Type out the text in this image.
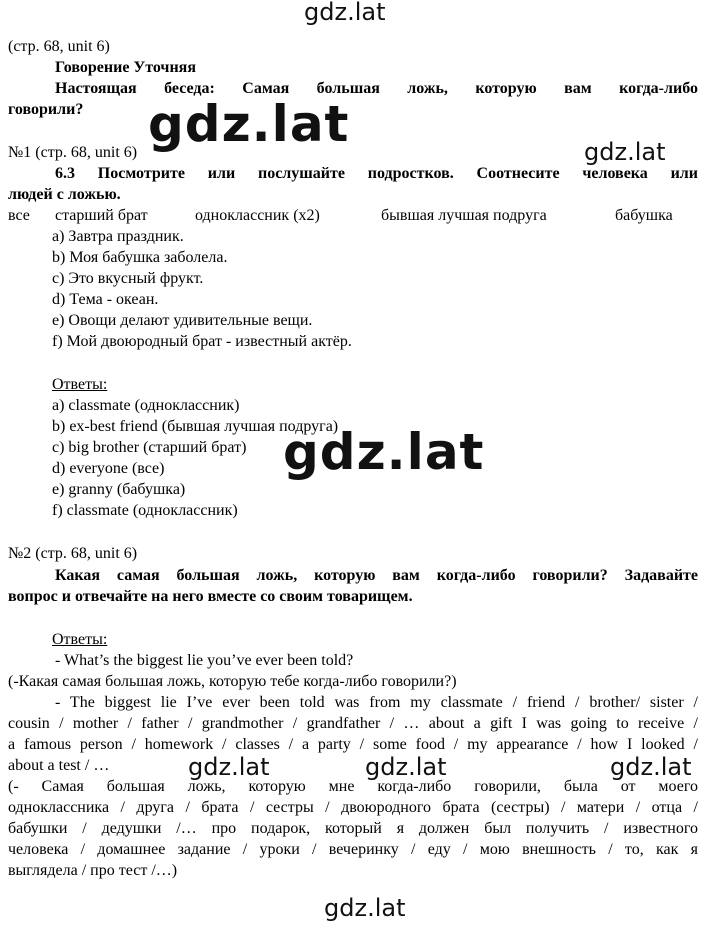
(стр. 68, unit 6)
Говорение Уточняя
Настоящая беседа: Самая большая ложь, которую вам когда-либо
говорили?
№1 (стр. 68, unit 6)
6.3 Посмотрите или послушайте подростков. Соотнесите человека или
людей с ложью.
все старший брат	одноклассник (x2)	бывшая лучшая подруга	бабушка
a) Завтра праздник.
b) Моя бабушка заболела.
c) Это вкусный фрукт.
d) Тема - океан.
e) Овощи делают удивительные вещи.
f) Мой двоюродный брат - известный актёр.
Ответы:
a) classmate (одноклассник)
b) ex-best friend (бывшая лучшая подруга)
c) big brother (старший брат)
d) everyone (все)
e) granny (бабушка)
f) classmate (одноклассник)
№2 (стр. 68, unit 6)
Какая самая большая ложь, которую вам когда-либо говорили? Задавайте
вопрос и отвечайте на него вместе со своим товарищем.
Ответы:
- What’s the biggest lie you’ve ever been told?
(-Какая самая большая ложь, которую тебе когда-либо говорили?)
- The biggest lie I’ve ever been told was from my classmate / friend / brother/ sister /
cousin / mother / father / grandmother / grandfather / … about a gift I was going to receive /
a famous person / homework / classes / a party / some food / my appearance / how I looked /
about a test / …
(- Самая большая ложь, которую мне когда-либо говорили, была от моего
одноклассника / друга / брата / сестры / двоюродного брата (сестры) / матери / отца /
бабушки / дедушки /… про подарок, который я должен был получить / известного
человека / домашнее задание / уроки / вечеринку / еду / мою внешность / то, как я
выглядела / про тест /…)
gdz.lat
gdz.lat	gdz.lat
gdz.lat
gdz.lat	gdz.lat	gdz.lat
gdz.lat
